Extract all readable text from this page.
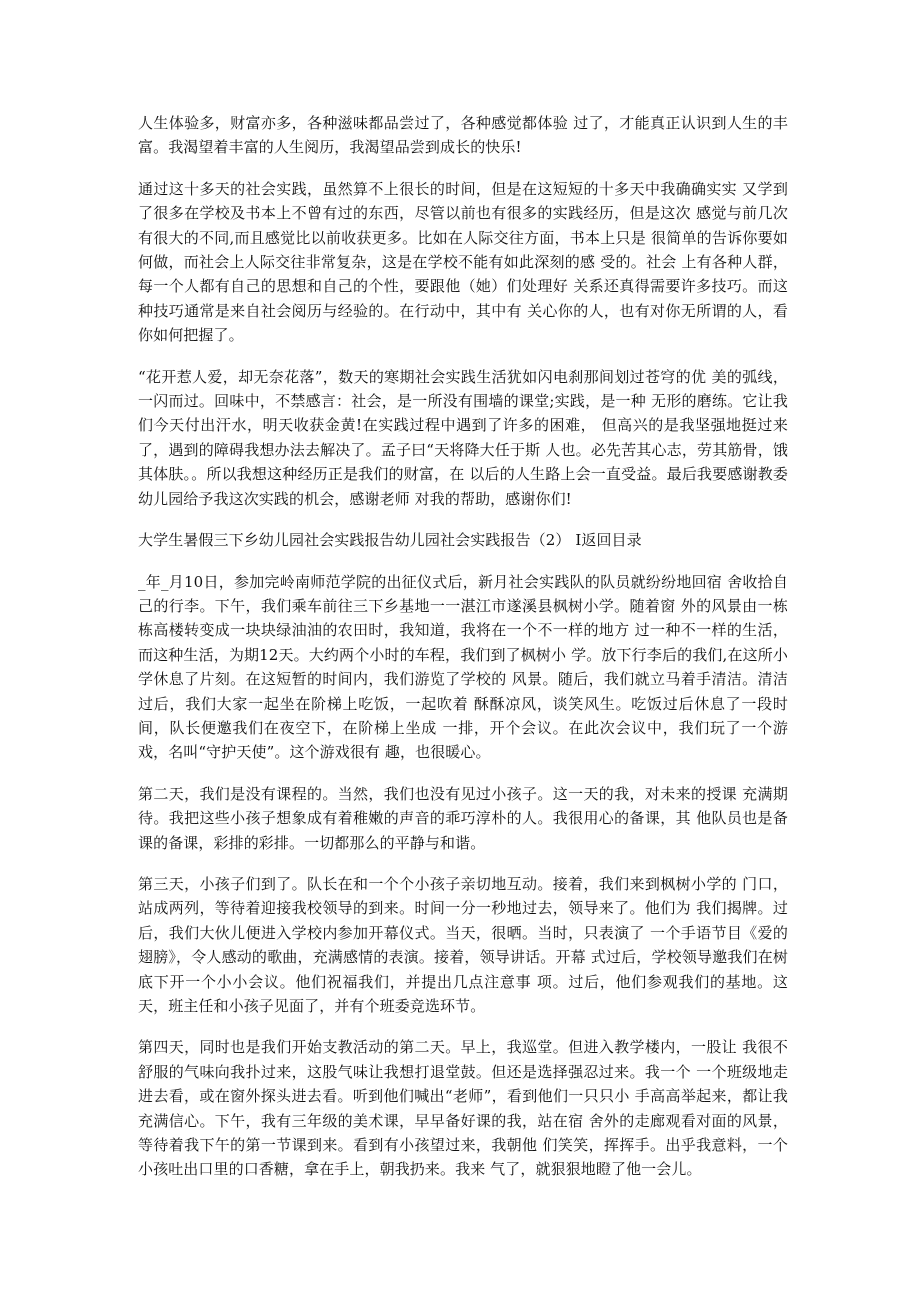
人生体验多，财富亦多，各种滋味都品尝过了，各种感觉都体验 过了，才能真正认识到人生的丰富。我渴望着丰富的人生阅历，我渴望品尝到成长的快乐!

通过这十多天的社会实践，虽然算不上很长的时间，但是在这短短的十多天中我确确实实 又学到了很多在学校及书本上不曾有过的东西，尽管以前也有很多的实践经历，但是这次 感觉与前几次有很大的不同,而且感觉比以前收获更多。比如在人际交往方面，书本上只是 很简单的告诉你要如何做，而社会上人际交往非常复杂，这是在学校不能有如此深刻的感 受的。社会 上有各种人群，每一个人都有自己的思想和自己的个性，要跟他（她）们处理好 关系还真得需要许多技巧。而这种技巧通常是来自社会阅历与经验的。在行动中，其中有 关心你的人，也有对你无所谓的人，看你如何把握了。

“花开惹人爱，却无奈花落”，数天的寒期社会实践生活犹如闪电刹那间划过苍穹的优 美的弧线，一闪而过。回味中，不禁感言：社会，是一所没有围墙的课堂;实践，是一种 无形的磨练。它让我们今天付出汗水，明天收获金黄!在实践过程中遇到了许多的困难， 但高兴的是我坚强地挺过来了，遇到的障碍我想办法去解决了。孟子曰“天将降大任于斯 人也。必先苦其心志，劳其筋骨，饿其体肤。。所以我想这种经历正是我们的财富，在 以后的人生路上会一直受益。最后我要感谢教委幼儿园给予我这次实践的机会，感谢老师 对我的帮助，感谢你们!

大学生暑假三下乡幼儿园社会实践报告幼儿园社会实践报告（2） I返回目录

_年_月10日，参加完岭南师范学院的出征仪式后，新月社会实践队的队员就纷纷地回宿 舍收拾自己的行李。下午，我们乘车前往三下乡基地一一湛江市遂溪县枫树小学。随着窗 外的风景由一栋栋高楼转变成一块块绿油油的农田时，我知道，我将在一个不一样的地方 过一种不一样的生活，而这种生活，为期12天。大约两个小时的车程，我们到了枫树小 学。放下行李后的我们,在这所小学休息了片刻。在这短暂的时间内，我们游览了学校的 风景。随后，我们就立马着手清洁。清洁过后，我们大家一起坐在阶梯上吃饭，一起吹着 酥酥凉风，谈笑风生。吃饭过后休息了一段时间，队长便邀我们在夜空下，在阶梯上坐成 一排，开个会议。在此次会议中，我们玩了一个游戏，名叫“守护天使”。这个游戏很有 趣，也很暖心。

第二天，我们是没有课程的。当然，我们也没有见过小孩子。这一天的我，对未来的授课 充满期待。我把这些小孩子想象成有着稚嫩的声音的乖巧淳朴的人。我很用心的备课，其 他队员也是备课的备课，彩排的彩排。一切都那么的平静与和谐。

第三天，小孩子们到了。队长在和一个个小孩子亲切地互动。接着，我们来到枫树小学的 门口，站成两列，等待着迎接我校领导的到来。时间一分一秒地过去，领导来了。他们为 我们揭牌。过后，我们大伙儿便进入学校内参加开幕仪式。当天，很晒。当时，只表演了 一个手语节目《爱的翅膀》，令人感动的歌曲，充满感情的表演。接着，领导讲话。开幕 式过后，学校领导邀我们在树底下开一个小小会议。他们祝福我们，并提出几点注意事 项。过后，他们参观我们的基地。这天，班主任和小孩子见面了，并有个班委竞选环节。

第四天，同时也是我们开始支教活动的第二天。早上，我巡堂。但进入教学楼内，一股让 我很不舒服的气味向我扑过来，这股气味让我想打退堂鼓。但还是选择强忍过来。我一个 一个班级地走进去看，或在窗外探头进去看。听到他们喊出“老师”，看到他们一只只小 手高高举起来，都让我充满信心。下午，我有三年级的美术课，早早备好课的我，站在宿 舍外的走廊观看对面的风景，等待着我下午的第一节课到来。看到有小孩望过来，我朝他 们笑笑，挥挥手。出乎我意料，一个小孩吐出口里的口香糖，拿在手上，朝我扔来。我来 气了，就狠狠地瞪了他一会儿。
